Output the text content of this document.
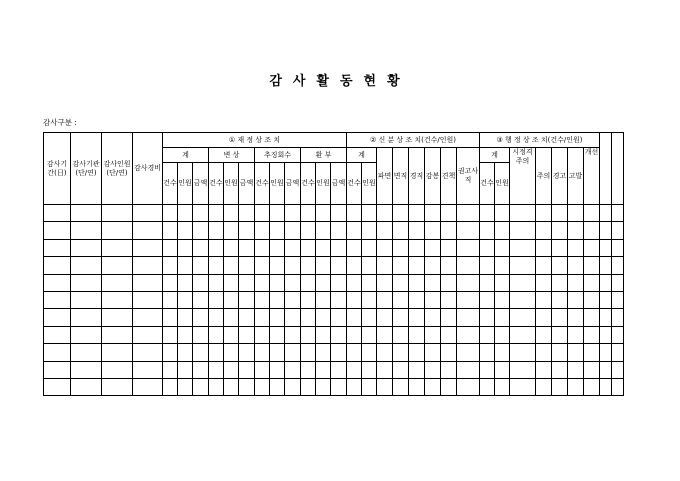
감사활동현황
감사구분 :
감사기간(日)	감사기관(단/연)	감사인원(단/연)	감사경비	① 재 정 상 조 치												② 신 분 상 조 치(건수/인원)								③ 행 정 상 조 치(건수/인원)								
				계			변 상			추징회수			환 부			계		파면	면직	경직	감봉	견책	권고사직	계		시정격주의	주의	경고	고발	개선		
				건수	인원	금액	건수	인원	금액	건수	인원	금액	건수	인원	금액	건수	인원							건수	인원							
